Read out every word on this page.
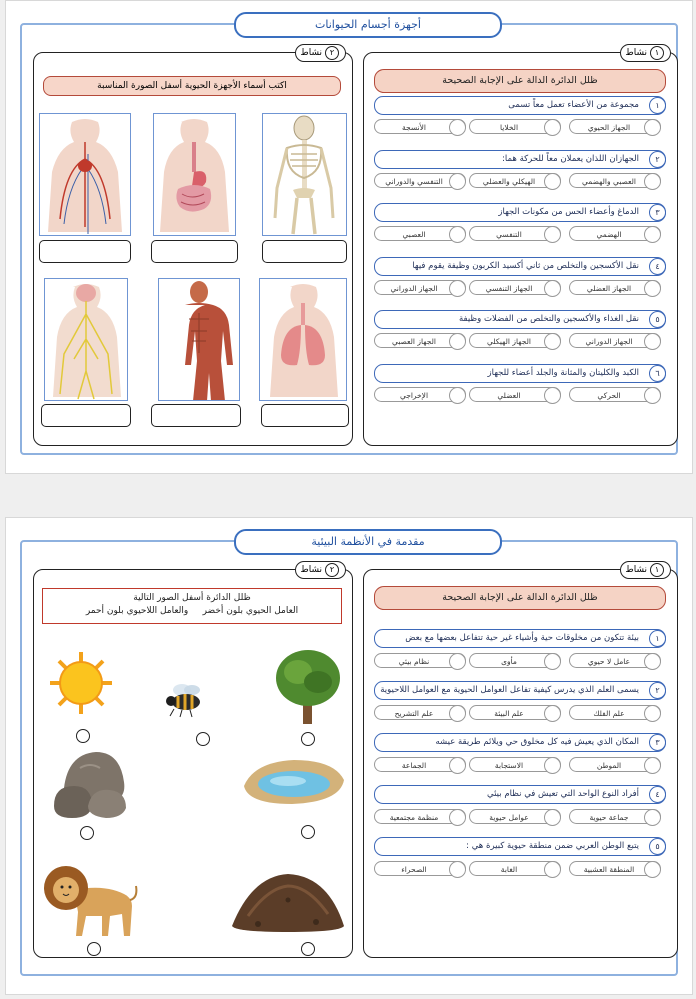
أجهزة أجسام الحيوانات
١
نشاط
ظلل الدائرة الدالة على الإجابة الصحيحة
مجموعة من الأعضاء تعمل معاً تسمى	١
الجهاز الحيوي
الخلايا
الأنسجة
الجهازان اللذان يعملان معاً للحركة هما:	٢
العصبي والهضمي
الهيكلي والعضلي
التنفسي والدوراني
الدماغ وأعضاء الحس من مكونات الجهاز	٣
الهضمي
التنفسي
العصبي
نقل الأكسجين والتخلص من ثاني أكسيد الكربون وظيفة يقوم فيها	٤
الجهاز العضلي
الجهاز التنفسي
الجهاز الدوراني
نقل الغذاء والأكسجين والتخلص من الفضلات وظيفة	٥
الجهاز الدوراني
الجهاز الهيكلي
الجهاز العصبي
الكبد والكليتان والمثانة والجلد أعضاء للجهاز	٦
الحركي
العضلي
الإخراجي
٢
نشاط
اكتب أسماء الأجهزة الحيوية أسفل الصورة المناسبة
مقدمة في الأنظمة البيئية
١
نشاط
ظلل الدائرة الدالة على الإجابة الصحيحة
بيئة تتكون من مخلوقات حية وأشياء غير حية تتفاعل بعضها مع بعض	١
عامل لا حيوي
مأوى
نظام بيئي
يسمى العلم الذي يدرس كيفية تفاعل العوامل الحيوية مع العوامل اللاحيوية	٢
علم الفلك
علم البيئة
علم التشريح
المكان الذي يعيش فيه كل مخلوق حي ويلائم طريقة عيشه	٣
الموطن
الاستجابة
الجماعة
أفراد النوع الواحد التي تعيش في نظام بيئي	٤
جماعة حيوية
عوامل حيوية
منظمة مجتمعية
يتبع الوطن العربي ضمن منطقة حيوية كبيرة هي :	٥
المنطقة العشبية
الغابة
الصحراء
٢
نشاط
ظلل الدائرة أسفل الصور التالية
العامل الحيوي بلون أخضر     والعامل اللاحيوي بلون أحمر
